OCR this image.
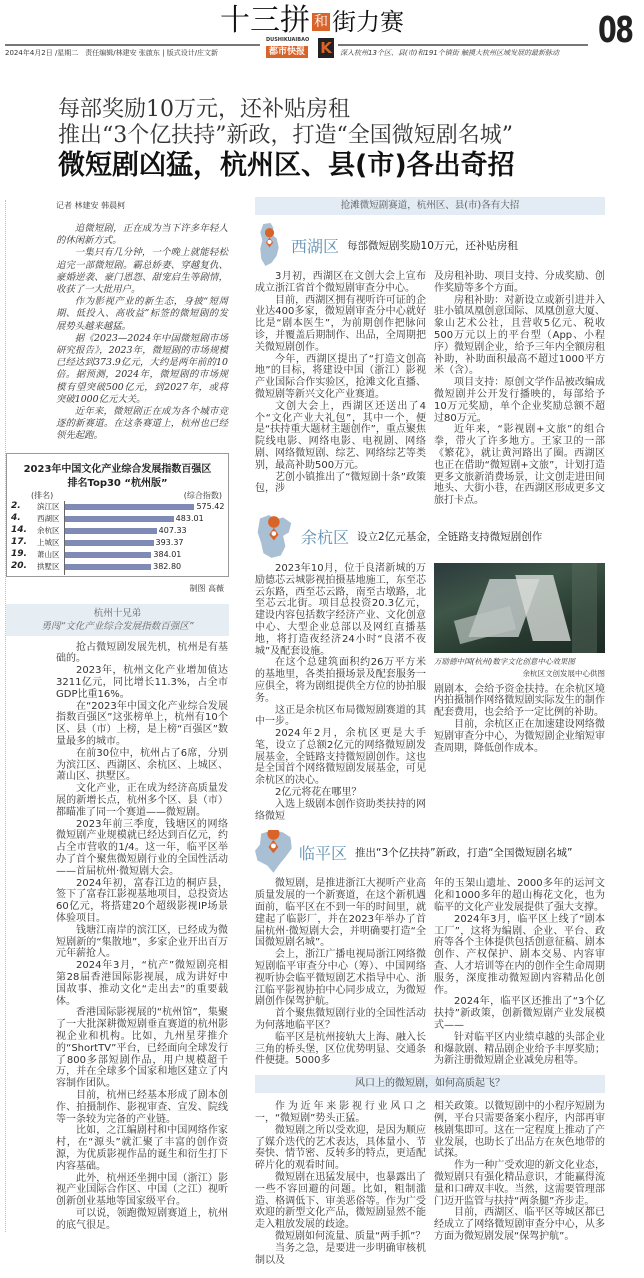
十三拼 和 街力赛	08
2024年4月2日 /星期二　责任编辑/林建安 张啟东 | 版式设计/庄文新
DUSHIKUAIBAO
都市快报 K	深入杭州13个区、县(市)和191个镇街 触摸大杭州区域发展的最新脉动
每部奖励10万元，还补贴房租
推出“3个亿扶持”新政，打造“全国微短剧名城”
微短剧凶猛，杭州区、县(市)各出奇招
记者 林建安 韩晨柯

追微短剧，正在成为当下许多年轻人的休闲新方式。

一集只有几分钟，一个晚上就能轻松追完一部微短剧。霸总娇妻、穿越复仇、豪婚逆袭、豪门恩怨、甜宠启生等剧情，收获了一大批用户。

作为影视产业的新生态，身披“短周期、低投入、高收益”标签的微短剧的发展势头越来越猛。

据《2023—2024年中国微短剧市场研究报告》，2023年，微短剧的市场规模已经达到373.9亿元，大约是两年前的10倍。据预测，2024年，微短剧的市场规模有望突破500亿元，到2027年，或将突破1000亿元大关。

近年来，微短剧正在成为各个城市竞逐的新赛道。在这条赛道上，杭州也已经领先起跑。

2023年中国文化产业综合发展指数百强区
排名Top30 “杭州版”
(排名)	(综合指数)
2.	滨江区	575.42
4.	西湖区	483.01
14.	余杭区	407.33
17.	上城区	393.37
19.	萧山区	384.01
20.	拱墅区	382.80
制图 高薇
杭州十兄弟
勇闯“文化产业综合发展指数百强区”

抢占微短剧发展先机，杭州是有基础的。

2023年，杭州文化产业增加值达3211亿元，同比增长11.3%，占全市GDP比重16%。

在“2023年中国文化产业综合发展指数百强区”这张榜单上，杭州有10个区、县（市）上榜，是上榜“百强区”数量最多的城市。

在前30位中，杭州占了6席，分别为滨江区、西湖区、余杭区、上城区、萧山区、拱墅区。

文化产业，正在成为经济高质量发展的新增长点，杭州多个区、县（市）都瞄准了同一个赛道——微短剧。

2023年前三季度，钱塘区的网络微短剧产业规模就已经达到百亿元，约占全市营收的1/4。这一年，临平区举办了首个聚焦微短剧行业的全国性活动——首届杭州·微短剧大会。

2024年初，富春江边的桐庐县，签下了富春江影视基地项目，总投资达60亿元，将搭建20个超级影视IP场景体验项目。

钱塘江南岸的滨江区，已经成为微短剧新的“集散地”，多家企业开出百万元年薪抢人。

2024年3月，“杭产”微短剧亮相第28届香港国际影视展，成为讲好中国故事、推动文化“走出去”的重要载体。

香港国际影视展的“杭州馆”，集聚了一大批深耕微短剧垂直赛道的杭州影视企业和机构。比如，九州星芽推介的“ShortTV”平台，已经面向全球发行了800多部短剧作品，用户规模超千万，并在全球多个国家和地区建立了内容制作团队。

目前，杭州已经基本形成了剧本创作、拍摄制作、影视审查、宣发、院线等一条较为完备的产业链。

比如，之江编剧村和中国网络作家村，在“源头”就汇聚了丰富的创作资源，为优质影视作品的诞生和衍生打下内容基础。

此外，杭州还坐拥中国（浙江）影视产业国际合作区、中国（之江）视听创新创业基地等国家级平台。

可以说，领跑微短剧赛道上，杭州的底气很足。

抢滩微短剧赛道，杭州区、县(市)各有大招
西湖区 每部微短剧奖励10万元，还补贴房租

3月初，西湖区在文创大会上宣布成立浙江省首个微短剧审查分中心。

目前，西湖区拥有视听许可证的企业达400多家，微短剧审查分中心就好比是“剧本医生”，为前期创作把脉问诊，并覆盖后期制作、出品，全周期把关微短剧创作。

今年，西湖区提出了“打造文创高地”的目标，将建设中国（浙江）影视产业国际合作实验区，抢滩文化直播、微短剧等新兴文化产业赛道。

文创大会上，西湖区还送出了4个“文化产业大礼包”，其中一个，便是“扶持重大题材主题创作”，重点聚焦院线电影、网络电影、电视剧、网络剧、网络微短剧、综艺、网络综艺等类别，最高补助500万元。

艺创小镇推出了“微短剧十条”政策包，涉

及房租补助、项目支持、分成奖励、创作奖励等多个方面。

房租补助：对新设立或新引进并入驻小镇凤凰创意国际、凤凰创意大厦、象山艺术公社，且营收5亿元、税收500万元以上的平台型（App、小程序）微短剧企业，给予三年内全额房租补助，补助面积最高不超过1000平方米（含）。

项目支持：原创文学作品被改编成微短剧并公开发行播映的，每部给予10万元奖励，单个企业奖励总额不超过80万元。

近年来，“影视剧+文旅”的组合拳，带火了许多地方。王家卫的一部《繁花》，就让黄河路出了圈。西湖区也正在借助“微短剧+文旅”，计划打造更多文旅新消费场景，让文创走进田间地头、大街小巷，在西湖区形成更多文旅打卡点。

余杭区 设立2亿元基金，全链路支持微短剧创作

2023年10月，位于良渚新城的万励德芯云城影视拍摄基地施工，东至芯云东路，西至芯云路，南至古墩路，北至芯云北街。项目总投资20.3亿元，建设内容包括数字经济产业、文化创意中心、大型企业总部以及网红直播基地，将打造夜经济24小时“良渚不夜城”及配套设施。

在这个总建筑面积约26万平方米的基地里，各类拍摄场景及配套服务一应俱全，将为剧组提供全方位的协拍服务。

这正是余杭区布局微短剧赛道的其中一步。

2024年2月，余杭区更是大手笔，设立了总额2亿元的网络微短剧发展基金，全链路支持微短剧创作。这也是全国首个网络微短剧发展基金，可见余杭区的决心。

2亿元将花在哪里？

入选上级剧本创作资助类扶持的网络微短

万励德中国(杭州)数字文化创意中心效果图
余杭区文创发展中心供图
剧剧本，会给予资金扶持。在余杭区境内拍摄制作网络微短剧实际发生的制作配套费用，也会给予一定比例的补助。

目前，余杭区正在加速建设网络微短剧审查分中心，为微短剧企业缩短审查周期，降低创作成本。

临平区 推出“3个亿扶持”新政，打造“全国微短剧名城”

微短剧，是推进浙江大视听产业高质量发展的一个新赛道，在这个新机遇面前，临平区在不到一年的时间里，就建起了临影厂，并在2023年举办了首届杭州·微短剧大会，并明确要打造“全国微短剧名城”。

会上，浙江广播电视局浙江网络微短剧临平审查分中心（筹）、中国网络视听协会临平微短剧艺术指导中心、浙江临平影视协拍中心同步成立，为微短剧创作保驾护航。

首个聚焦微短剧行业的全国性活动为何落地临平区？

临平区是杭州接轨大上海、融入长三角的桥头堡，区位优势明显、交通条件便捷。5000多

年的玉架山遗址、2000多年的运河文化和1000多年的超山梅花文化，也为临平的文化产业发展提供了强大支撑。

2024年3月，临平区上线了“剧本工厂”，这将为编剧、企业、平台、政府等各个主体提供包括创意征稿、剧本创作、产权保护、剧本交易、内容审查、人才培训等在内的创作全生命周期服务，深度推动微短剧内容精品化创作。

2024年，临平区还推出了“3个亿扶持”新政策，创新微短剧产业发展模式——

针对临平区内业绩卓越的头部企业和爆款剧、精品剧企业给予丰厚奖励；为新注册微短剧企业减免房租等。

风口上的微短剧，如何高质起飞？

作为近年来影视行业风口之一，“微短剧”势头正猛。

微短剧之所以受欢迎，是因为顺应了媒介迭代的艺术表达，具体量小、节奏快、情节密、反转多的特点，更适配碎片化的观看时间。

微短剧在迅猛发展中，也暴露出了一些不容回避的问题。比如，粗制滥造、格调低下、审美恶俗等。作为广受欢迎的新型文化产品，微短剧显然不能走入粗放发展的歧途。

微短剧如何流量、质量“两手抓”？

当务之急，是要进一步明确审核机制以及

相关政策。以微短剧中的小程序短剧为例，平台只需要备案小程序，内部再审核剧集即可。这在一定程度上推动了产业发展，也助长了出品方在灰色地带的试探。

作为一种广受欢迎的新文化业态，微短剧只有强化精品意识，才能赢得流量和口碑双丰收。当然，这需要管理部门迈开监管与扶持“两条腿”齐步走。

目前，西湖区、临平区等城区都已经成立了网络微短剧审查分中心，从多方面为微短剧发展“保驾护航”。
